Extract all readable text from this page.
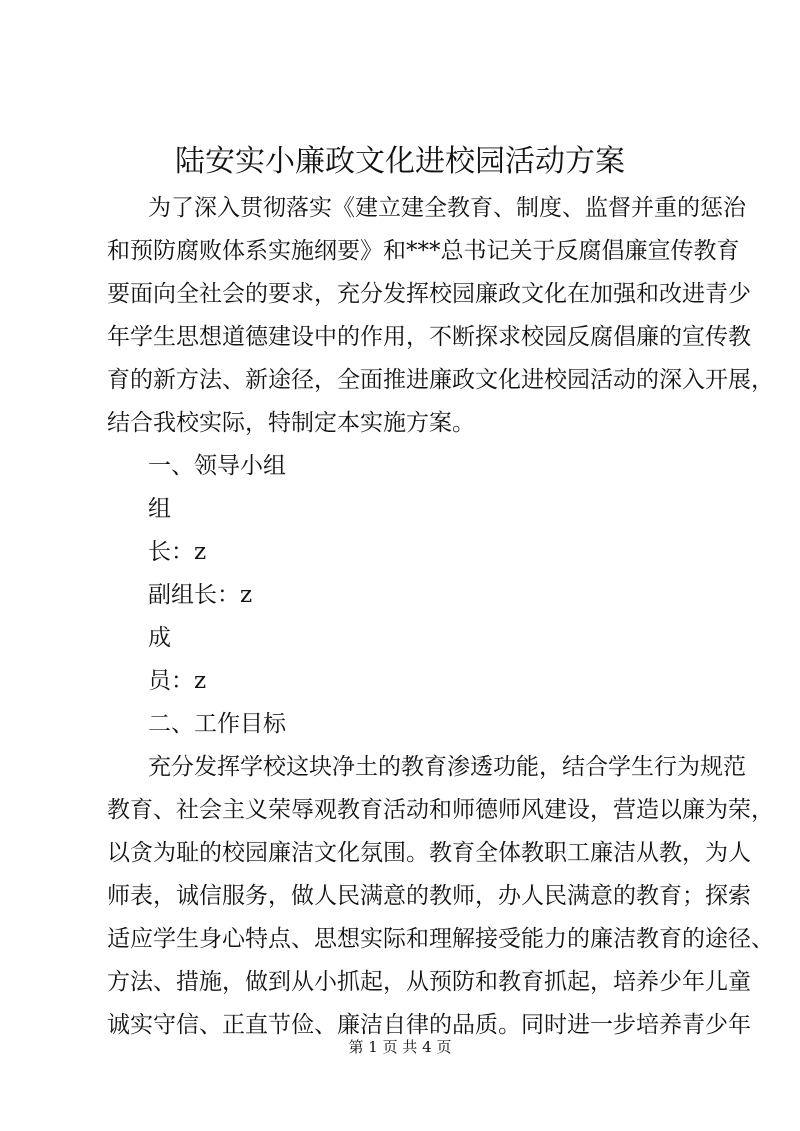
陆安实小廉政文化进校园活动方案
为了深入贯彻落实《建立建全教育、制度、监督并重的惩治
和预防腐败体系实施纲要》和***总书记关于反腐倡廉宣传教育
要面向全社会的要求，充分发挥校园廉政文化在加强和改进青少
年学生思想道德建设中的作用，不断探求校园反腐倡廉的宣传教
育的新方法、新途径，全面推进廉政文化进校园活动的深入开展，
结合我校实际，特制定本实施方案。
一、领导小组
组
长：z
副组长：z
成
员：z
二、工作目标
充分发挥学校这块净土的教育渗透功能，结合学生行为规范
教育、社会主义荣辱观教育活动和师德师风建设，营造以廉为荣，
以贪为耻的校园廉洁文化氛围。教育全体教职工廉洁从教，为人
师表，诚信服务，做人民满意的教师，办人民满意的教育；探索
适应学生身心特点、思想实际和理解接受能力的廉洁教育的途径、
方法、措施，做到从小抓起，从预防和教育抓起，培养少年儿童
诚实守信、正直节俭、廉洁自律的品质。同时进一步培养青少年
第 1 页 共 4 页
